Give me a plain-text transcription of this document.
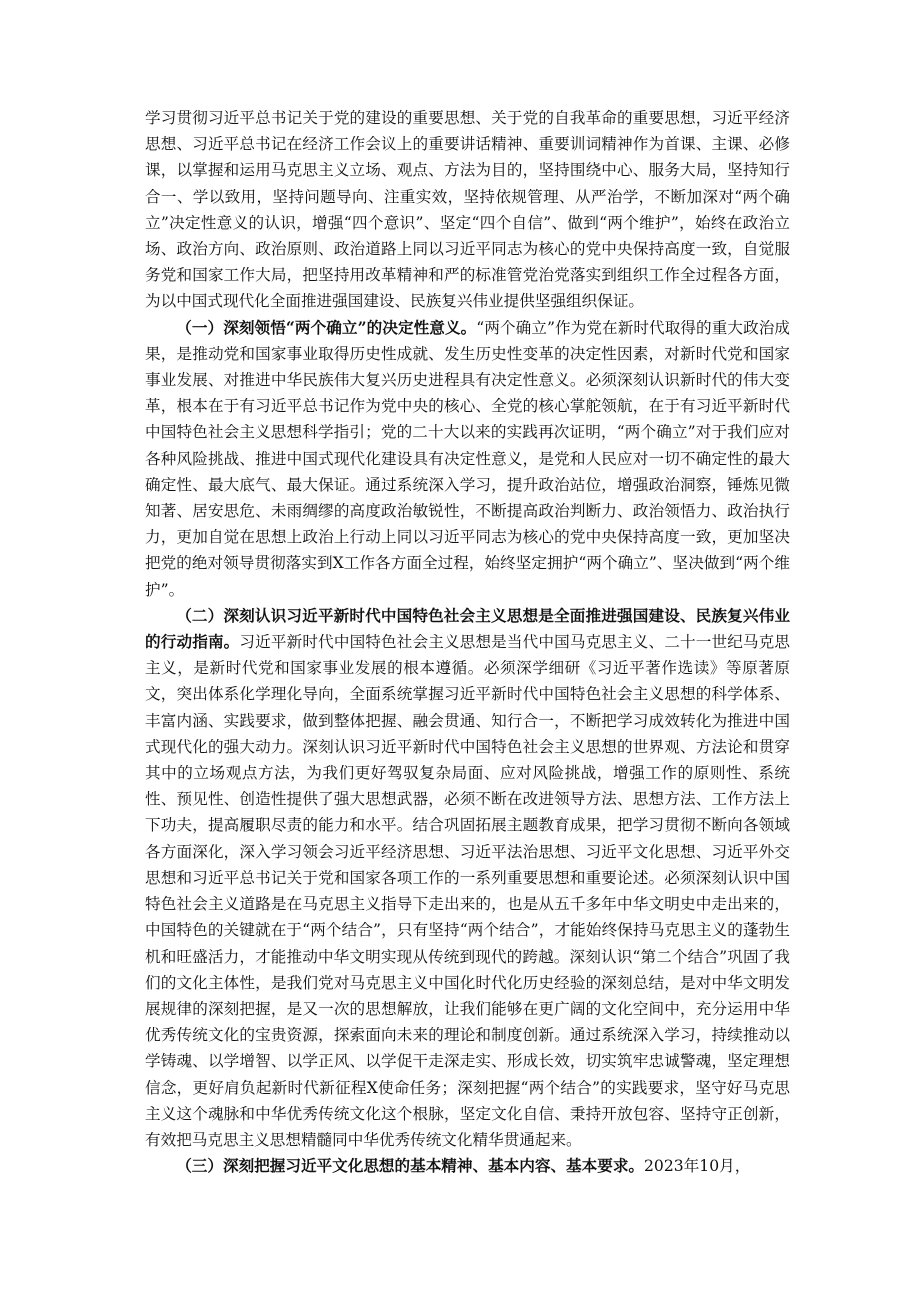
学习贯彻习近平总书记关于党的建设的重要思想、关于党的自我革命的重要思想，习近平经济思想、习近平总书记在经济工作会议上的重要讲话精神、重要训词精神作为首课、主课、必修课，以掌握和运用马克思主义立场、观点、方法为目的，坚持围绕中心、服务大局，坚持知行合一、学以致用，坚持问题导向、注重实效，坚持依规管理、从严治学，不断加深对“两个确立”决定性意义的认识，增强“四个意识”、坚定“四个自信”、做到“两个维护”，始终在政治立场、政治方向、政治原则、政治道路上同以习近平同志为核心的党中央保持高度一致，自觉服务党和国家工作大局，把坚持用改革精神和严的标准管党治党落实到组织工作全过程各方面，为以中国式现代化全面推进强国建设、民族复兴伟业提供坚强组织保证。

（一）深刻领悟“两个确立”的决定性意义。“两个确立”作为党在新时代取得的重大政治成果，是推动党和国家事业取得历史性成就、发生历史性变革的决定性因素，对新时代党和国家事业发展、对推进中华民族伟大复兴历史进程具有决定性意义。必须深刻认识新时代的伟大变革，根本在于有习近平总书记作为党中央的核心、全党的核心掌舵领航，在于有习近平新时代中国特色社会主义思想科学指引；党的二十大以来的实践再次证明，“两个确立”对于我们应对各种风险挑战、推进中国式现代化建设具有决定性意义，是党和人民应对一切不确定性的最大确定性、最大底气、最大保证。通过系统深入学习，提升政治站位，增强政治洞察，锤炼见微知著、居安思危、未雨绸缪的高度政治敏锐性，不断提高政治判断力、政治领悟力、政治执行力，更加自觉在思想上政治上行动上同以习近平同志为核心的党中央保持高度一致，更加坚决把党的绝对领导贯彻落实到X工作各方面全过程，始终坚定拥护“两个确立”、坚决做到“两个维护”。

（二）深刻认识习近平新时代中国特色社会主义思想是全面推进强国建设、民族复兴伟业的行动指南。习近平新时代中国特色社会主义思想是当代中国马克思主义、二十一世纪马克思主义，是新时代党和国家事业发展的根本遵循。必须深学细研《习近平著作选读》等原著原文，突出体系化学理化导向，全面系统掌握习近平新时代中国特色社会主义思想的科学体系、丰富内涵、实践要求，做到整体把握、融会贯通、知行合一，不断把学习成效转化为推进中国式现代化的强大动力。深刻认识习近平新时代中国特色社会主义思想的世界观、方法论和贯穿其中的立场观点方法，为我们更好驾驭复杂局面、应对风险挑战，增强工作的原则性、系统性、预见性、创造性提供了强大思想武器，必须不断在改进领导方法、思想方法、工作方法上下功夫，提高履职尽责的能力和水平。结合巩固拓展主题教育成果，把学习贯彻不断向各领域各方面深化，深入学习领会习近平经济思想、习近平法治思想、习近平文化思想、习近平外交思想和习近平总书记关于党和国家各项工作的一系列重要思想和重要论述。必须深刻认识中国特色社会主义道路是在马克思主义指导下走出来的，也是从五千多年中华文明史中走出来的，中国特色的关键就在于“两个结合”，只有坚持“两个结合”，才能始终保持马克思主义的蓬勃生机和旺盛活力，才能推动中华文明实现从传统到现代的跨越。深刻认识“第二个结合”巩固了我们的文化主体性，是我们党对马克思主义中国化时代化历史经验的深刻总结，是对中华文明发展规律的深刻把握，是又一次的思想解放，让我们能够在更广阔的文化空间中，充分运用中华优秀传统文化的宝贵资源，探索面向未来的理论和制度创新。通过系统深入学习，持续推动以学铸魂、以学增智、以学正风、以学促干走深走实、形成长效，切实筑牢忠诚警魂，坚定理想信念，更好肩负起新时代新征程X使命任务；深刻把握“两个结合”的实践要求，坚守好马克思主义这个魂脉和中华优秀传统文化这个根脉，坚定文化自信、秉持开放包容、坚持守正创新，有效把马克思主义思想精髓同中华优秀传统文化精华贯通起来。

（三）深刻把握习近平文化思想的基本精神、基本内容、基本要求。2023年10月，
